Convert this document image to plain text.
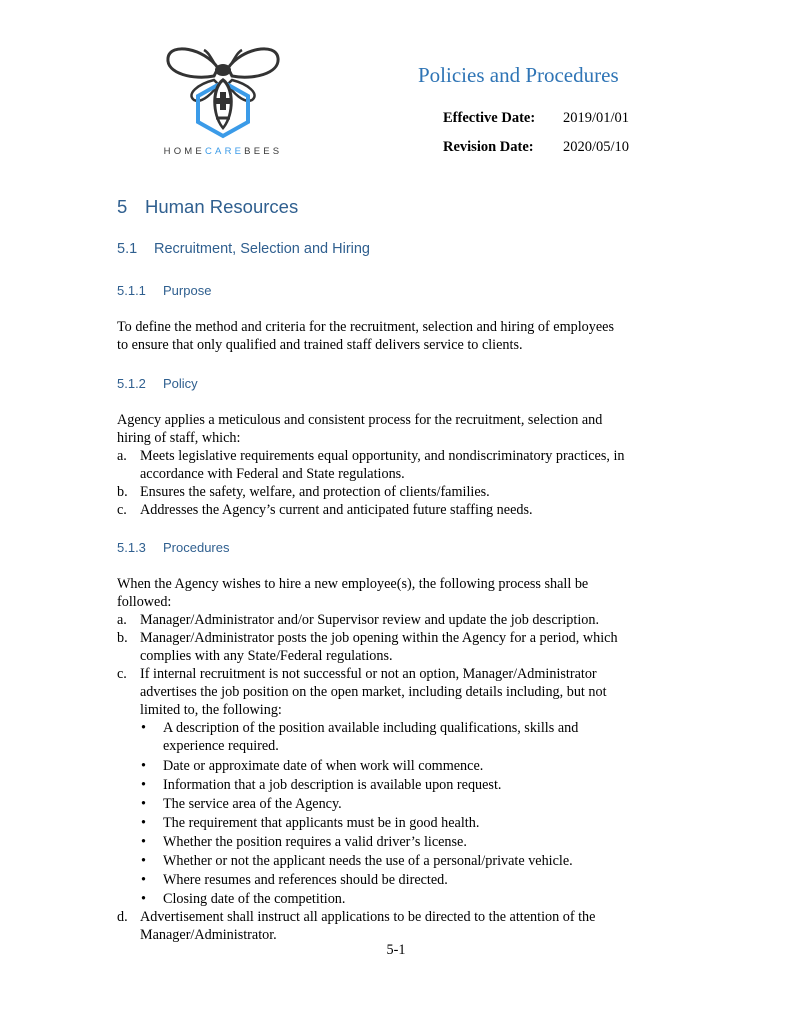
HOMECAREBEES
Policies and Procedures
Effective Date: 2019/01/01
Revision Date: 2020/05/10
5 Human Resources
5.1 Recruitment, Selection and Hiring
5.1.1 Purpose
To define the method and criteria for the recruitment, selection and hiring of employees
to ensure that only qualified and trained staff delivers service to clients.
5.1.2 Policy
Agency applies a meticulous and consistent process for the recruitment, selection and
hiring of staff, which:
a. Meets legislative requirements equal opportunity, and nondiscriminatory practices, in
accordance with Federal and State regulations.
b. Ensures the safety, welfare, and protection of clients/families.
c. Addresses the Agency’s current and anticipated future staffing needs.
5.1.3 Procedures
When the Agency wishes to hire a new employee(s), the following process shall be
followed:
a. Manager/Administrator and/or Supervisor review and update the job description.
b. Manager/Administrator posts the job opening within the Agency for a period, which
complies with any State/Federal regulations.
c. If internal recruitment is not successful or not an option, Manager/Administrator
advertises the job position on the open market, including details including, but not
limited to, the following:
• A description of the position available including qualifications, skills and
experience required.
• Date or approximate date of when work will commence.
• Information that a job description is available upon request.
• The service area of the Agency.
• The requirement that applicants must be in good health.
• Whether the position requires a valid driver’s license.
• Whether or not the applicant needs the use of a personal/private vehicle.
• Where resumes and references should be directed.
• Closing date of the competition.
d. Advertisement shall instruct all applications to be directed to the attention of the
Manager/Administrator.
5-1
